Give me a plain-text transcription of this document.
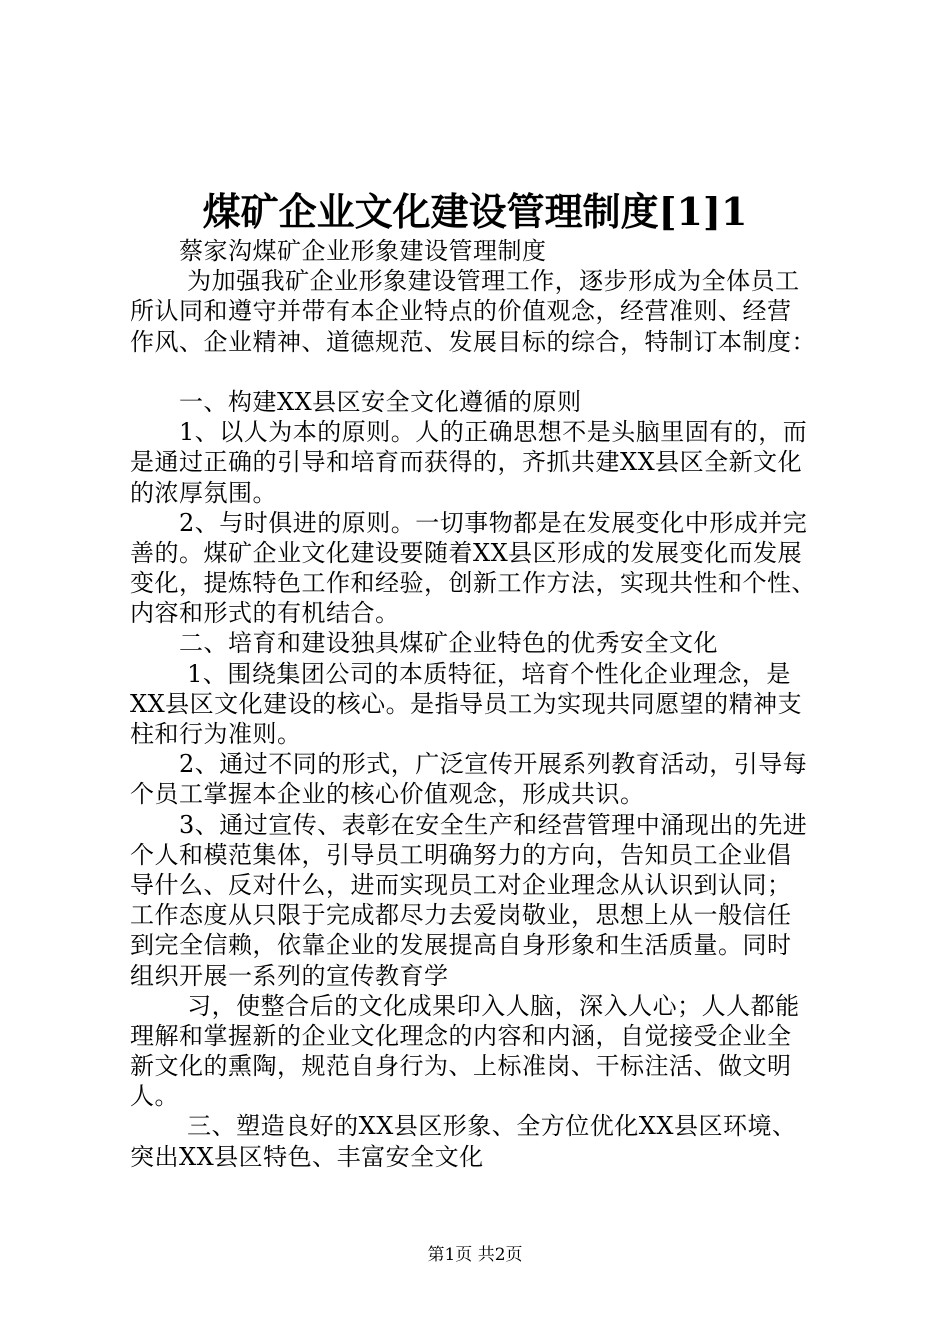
煤矿企业文化建设管理制度[1]1
　　蔡家沟煤矿企业形象建设管理制度
　　 为加强我矿企业形象建设管理工作，逐步形成为全体员工
所认同和遵守并带有本企业特点的价值观念，经营准则、经营
作风、企业精神、道德规范、发展目标的综合，特制订本制度：
　　一、构建XX县区安全文化遵循的原则
　　1、以人为本的原则。人的正确思想不是头脑里固有的，而
是通过正确的引导和培育而获得的，齐抓共建XX县区全新文化
的浓厚氛围。
　　2、与时俱进的原则。一切事物都是在发展变化中形成并完
善的。煤矿企业文化建设要随着XX县区形成的发展变化而发展
变化，提炼特色工作和经验，创新工作方法，实现共性和个性、
内容和形式的有机结合。
　　二、培育和建设独具煤矿企业特色的优秀安全文化
　　 1、围绕集团公司的本质特征，培育个性化企业理念，是
XX县区文化建设的核心。是指导员工为实现共同愿望的精神支
柱和行为准则。
　　2、通过不同的形式，广泛宣传开展系列教育活动，引导每
个员工掌握本企业的核心价值观念，形成共识。
　　3、通过宣传、表彰在安全生产和经营管理中涌现出的先进
个人和模范集体，引导员工明确努力的方向，告知员工企业倡
导什么、反对什么，进而实现员工对企业理念从认识到认同；
工作态度从只限于完成都尽力去爱岗敬业，思想上从一般信任
到完全信赖，依靠企业的发展提高自身形象和生活质量。同时
组织开展一系列的宣传教育学
　　 习，使整合后的文化成果印入人脑，深入人心；人人都能
理解和掌握新的企业文化理念的内容和内涵，自觉接受企业全
新文化的熏陶，规范自身行为、上标准岗、干标注活、做文明
人。
　　 三、塑造良好的XX县区形象、全方位优化XX县区环境、
突出XX县区特色、丰富安全文化
第1页 共2页
